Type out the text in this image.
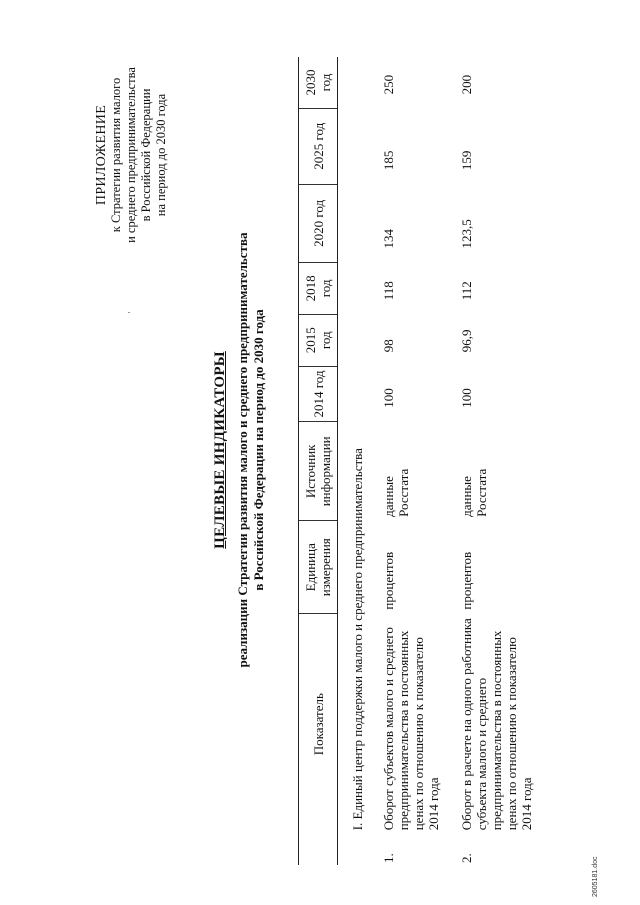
ПРИЛОЖЕНИЕ к Стратегии развития малого и среднего предпринимательства в Российской Федерации на период до 2030 года
ЦЕЛЕВЫЕ ИНДИКАТОРЫ реализации Стратегии развития малого и среднего предпринимательства в Российской Федерации на период до 2030 года
	Показатель	Единица измерения	Источник информации	2014 год	2015 год	2018 год	2020 год	2025 год	2030 год
	I. Единый центр поддержки малого и среднего предпринимательства								
1.	Оборот субъектов малого и среднего предпринимательства в постоянных ценах по отношению к показателю 2014 года	процентов	данные Росстата	100	98	118	134	185	250
2.	Оборот в расчете на одного работника субъекта малого и среднего предпринимательства в постоянных ценах по отношению к показателю 2014 года	процентов	данные Росстата	100	96,9	112	123,5	159	200
2605181.doc
